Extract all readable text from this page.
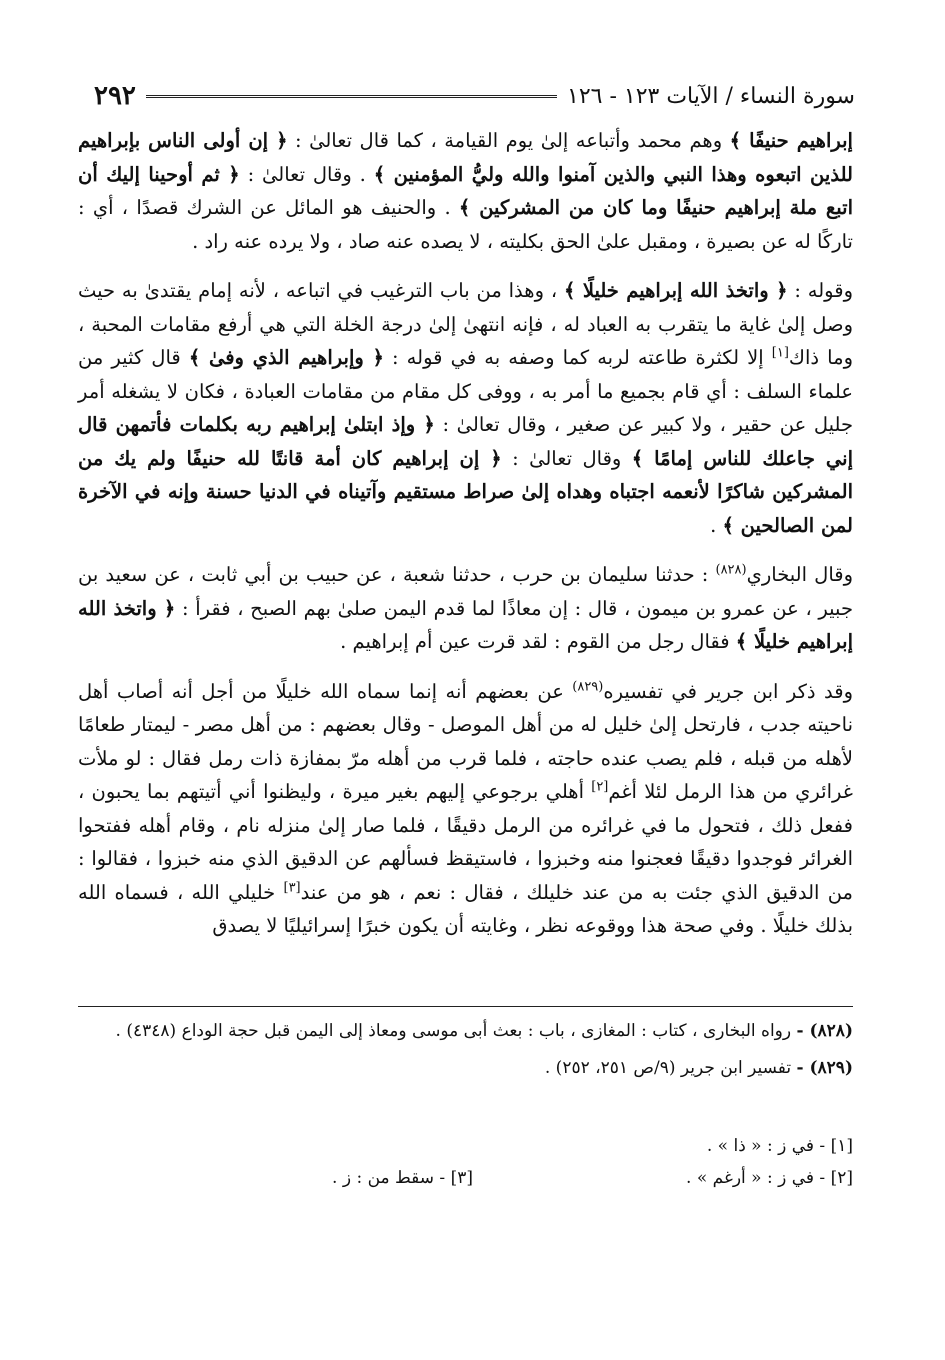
٢٩٢	سورة النساء / الآيات ١٢٣ - ١٢٦

إبراهيم حنيفًا ﴾ وهم محمد وأتباعه إلىٰ يوم القيامة ، كما قال تعالىٰ : ﴿ إن أولى الناس بإبراهيم للذين اتبعوه وهذا النبي والذين آمنوا والله وليُّ المؤمنين ﴾ . وقال تعالىٰ : ﴿ ثم أوحينا إليك أن اتبع ملة إبراهيم حنيفًا وما كان من المشركين ﴾ . والحنيف هو المائل عن الشرك قصدًا ، أي : تاركًا له عن بصيرة ، ومقبل علىٰ الحق بكليته ، لا يصده عنه صاد ، ولا يرده عنه راد .

وقوله : ﴿ واتخذ الله إبراهيم خليلًا ﴾ ، وهذا من باب الترغيب في اتباعه ، لأنه إمام يقتدىٰ به حيث وصل إلىٰ غاية ما يتقرب به العباد له ، فإنه انتهىٰ إلىٰ درجة الخلة التي هي أرفع مقامات المحبة ، وما ذاك[١] إلا لكثرة طاعته لربه كما وصفه به في قوله : ﴿ وإبراهيم الذي وفىٰ ﴾ قال كثير من علماء السلف : أي قام بجميع ما أمر به ، ووفى كل مقام من مقامات العبادة ، فكان لا يشغله أمر جليل عن حقير ، ولا كبير عن صغير ، وقال تعالىٰ : ﴿ وإذ ابتلىٰ إبراهيم ربه بكلمات فأتمهن قال إني جاعلك للناس إمامًا ﴾ وقال تعالىٰ : ﴿ إن إبراهيم كان أمة قانتًا لله حنيفًا ولم يك من المشركين شاكرًا لأنعمه اجتباه وهداه إلىٰ صراط مستقيم وآتيناه في الدنيا حسنة وإنه في الآخرة لمن الصالحين ﴾ .

وقال البخاري$^{(٨٢٨)}$ : حدثنا سليمان بن حرب ، حدثنا شعبة ، عن حبيب بن أبي ثابت ، عن سعيد بن جبير ، عن عمرو بن ميمون ، قال : إن معاذًا لما قدم اليمن صلىٰ بهم الصبح ، فقرأ : ﴿ واتخذ الله إبراهيم خليلًا ﴾ فقال رجل من القوم : لقد قرت عين أم إبراهيم .

وقد ذكر ابن جرير في تفسيره$^{(٨٢٩)}$ عن بعضهم أنه إنما سماه الله خليلًا من أجل أنه أصاب أهل ناحيته جدب ، فارتحل إلىٰ خليل له من أهل الموصل - وقال بعضهم : من أهل مصر - ليمتار طعامًا لأهله من قبله ، فلم يصب عنده حاجته ، فلما قرب من أهله مرّ بمفازة ذات رمل فقال : لو ملأت غرائري من هذا الرمل لئلا أغم[٢] أهلي برجوعي إليهم بغير ميرة ، وليظنوا أني أتيتهم بما يحبون ، ففعل ذلك ، فتحول ما في غرائره من الرمل دقيقًا ، فلما صار إلىٰ منزله نام ، وقام أهله ففتحوا الغرائر فوجدوا دقيقًا فعجنوا منه وخبزوا ، فاستيقظ فسألهم عن الدقيق الذي منه خبزوا ، فقالوا : من الدقيق الذي جئت به من عند خليلك ، فقال : نعم ، هو من عند[٣] خليلي الله ، فسماه الله بذلك خليلًا . وفي صحة هذا ووقوعه نظر ، وغايته أن يكون خبرًا إسرائيليًا لا يصدق

(٨٢٨) - رواه البخارى ، كتاب : المغازى ، باب : بعث أبى موسى ومعاذ إلى اليمن قبل حجة الوداع (٤٣٤٨) .

(٨٢٩) - تفسير ابن جرير (٩/ص ٢٥١، ٢٥٢) .

[١] - في ز : « ذا » .
[٢] - في ز : « أرغم » .
[٣] - سقط من : ز .
